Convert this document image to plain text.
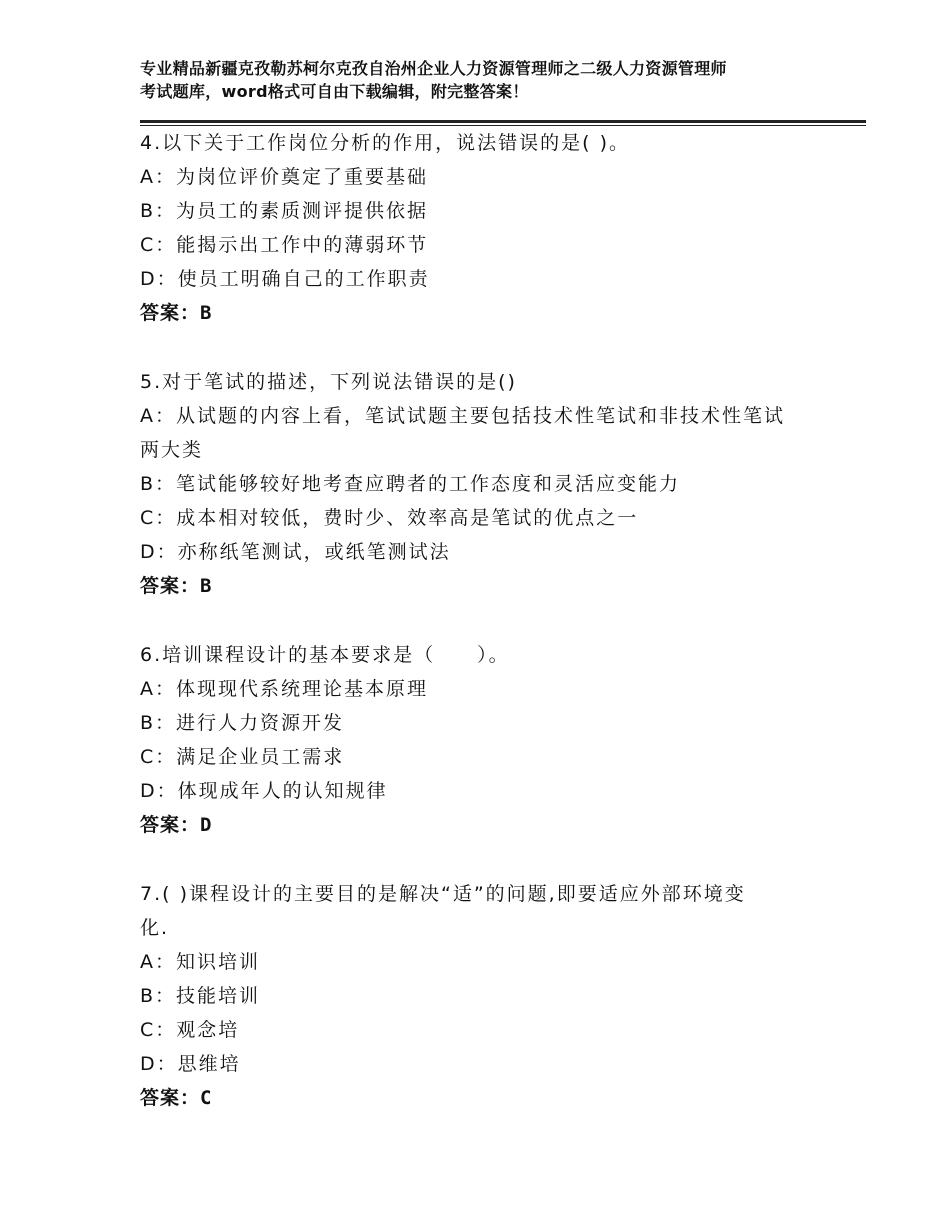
专业精品新疆克孜勒苏柯尔克孜自治州企业人力资源管理师之二级人力资源管理师
考试题库，word格式可自由下载编辑，附完整答案！
4.以下关于工作岗位分析的作用，说法错误的是( )。
A：为岗位评价奠定了重要基础
B：为员工的素质测评提供依据
C：能揭示出工作中的薄弱环节
D：使员工明确自己的工作职责
答案：B
5.对于笔试的描述，下列说法错误的是()
A：从试题的内容上看，笔试试题主要包括技术性笔试和非技术性笔试
两大类
B：笔试能够较好地考查应聘者的工作态度和灵活应变能力
C：成本相对较低，费时少、效率高是笔试的优点之一
D：亦称纸笔测试，或纸笔测试法
答案：B
6.培训课程设计的基本要求是（　　）。
A：体现现代系统理论基本原理
B：进行人力资源开发
C：满足企业员工需求
D：体现成年人的认知规律
答案：D
7.( )课程设计的主要目的是解决“适”的问题,即要适应外部环境变
化.
A：知识培训
B：技能培训
C：观念培
D：思维培
答案：C
